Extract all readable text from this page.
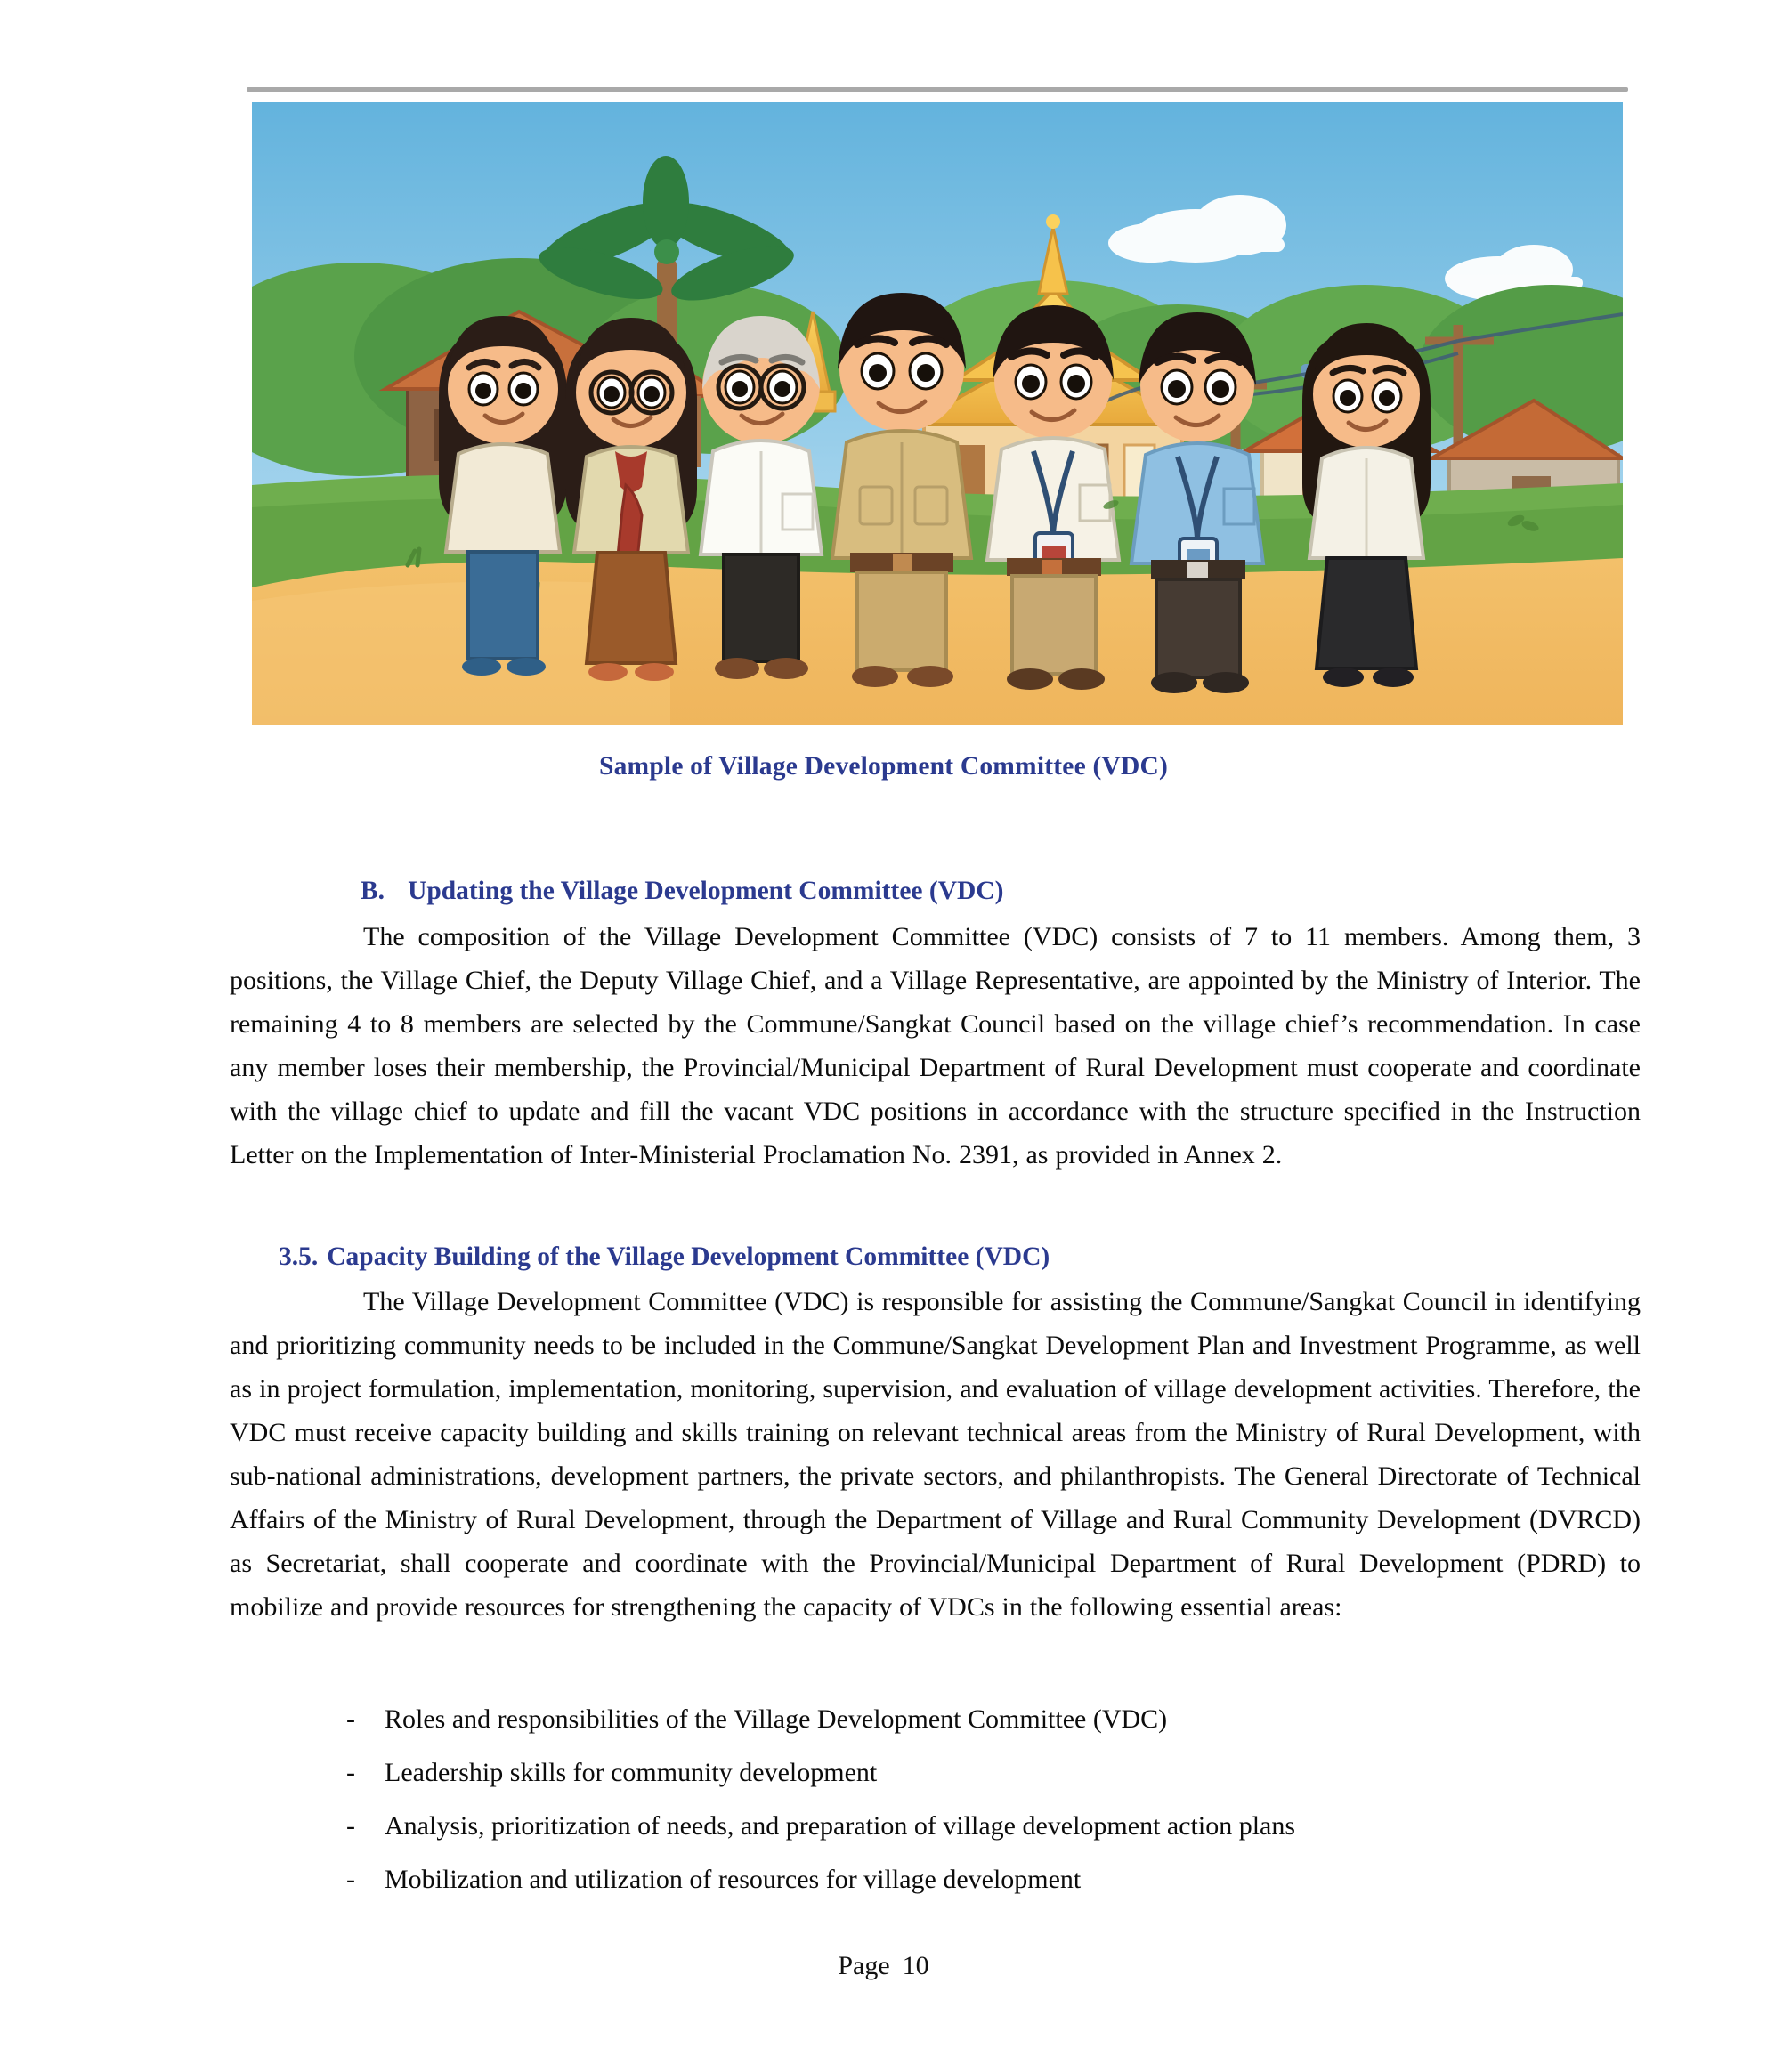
Sample of Village Development Committee (VDC)
B. Updating the Village Development Committee (VDC)

The composition of the Village Development Committee (VDC) consists of 7 to 11 members. Among them, 3 positions, the Village Chief, the Deputy Village Chief, and a Village Representative, are appointed by the Ministry of Interior. The remaining 4 to 8 members are selected by the Commune/Sangkat Council based on the village chief’s recommendation. In case any member loses their membership, the Provincial/Municipal Department of Rural Development must cooperate and coordinate with the village chief to update and fill the vacant VDC positions in accordance with the structure specified in the Instruction Letter on the Implementation of Inter-Ministerial Proclamation No. 2391, as provided in Annex 2.

3.5. Capacity Building of the Village Development Committee (VDC)

The Village Development Committee (VDC) is responsible for assisting the Commune/Sangkat Council in identifying and prioritizing community needs to be included in the Commune/Sangkat Development Plan and Investment Programme, as well as in project formulation, implementation, monitoring, supervision, and evaluation of village development activities. Therefore, the VDC must receive capacity building and skills training on relevant technical areas from the Ministry of Rural Development, with sub-national administrations, development partners, the private sectors, and philanthropists. The General Directorate of Technical Affairs of the Ministry of Rural Development, through the Department of Village and Rural Community Development (DVRCD) as Secretariat, shall cooperate and coordinate with the Provincial/Municipal Department of Rural Development (PDRD) to mobilize and provide resources for strengthening the capacity of VDCs in the following essential areas:

- Roles and responsibilities of the Village Development Committee (VDC)
- Leadership skills for community development
- Analysis, prioritization of needs, and preparation of village development action plans
- Mobilization and utilization of resources for village development
Page 10
